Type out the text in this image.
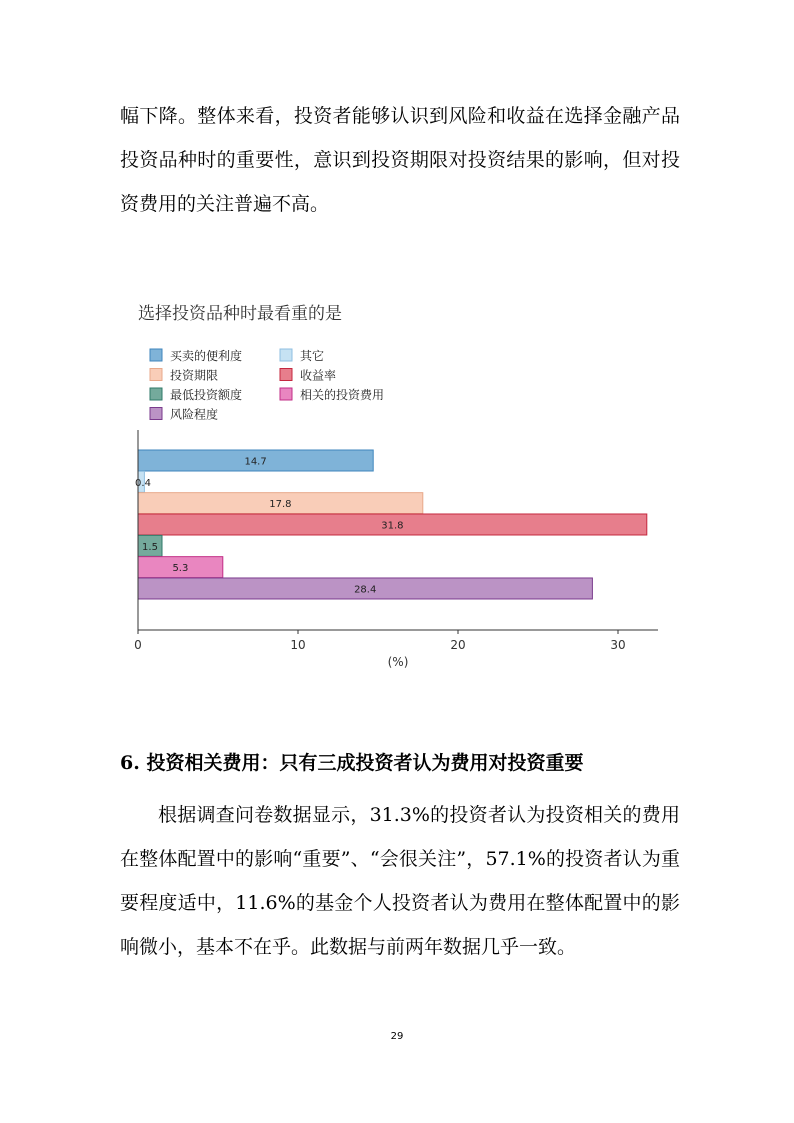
幅下降。整体来看，投资者能够认识到风险和收益在选择金融产品投资品种时的重要性，意识到投资期限对投资结果的影响，但对投资费用的关注普遍不高。

选择投资品种时最看重的是
买卖的便利度	其它
投资期限	收益率
最低投资额度	相关的投资费用
风险程度
14.7
0.4
17.8
31.8
1.5
5.3
28.4
0	10	20	30
(%)

6. 投资相关费用：只有三成投资者认为费用对投资重要

根据调查问卷数据显示，31.3%的投资者认为投资相关的费用在整体配置中的影响“重要”、“会很关注”，57.1%的投资者认为重要程度适中，11.6%的基金个人投资者认为费用在整体配置中的影响微小，基本不在乎。此数据与前两年数据几乎一致。

29
